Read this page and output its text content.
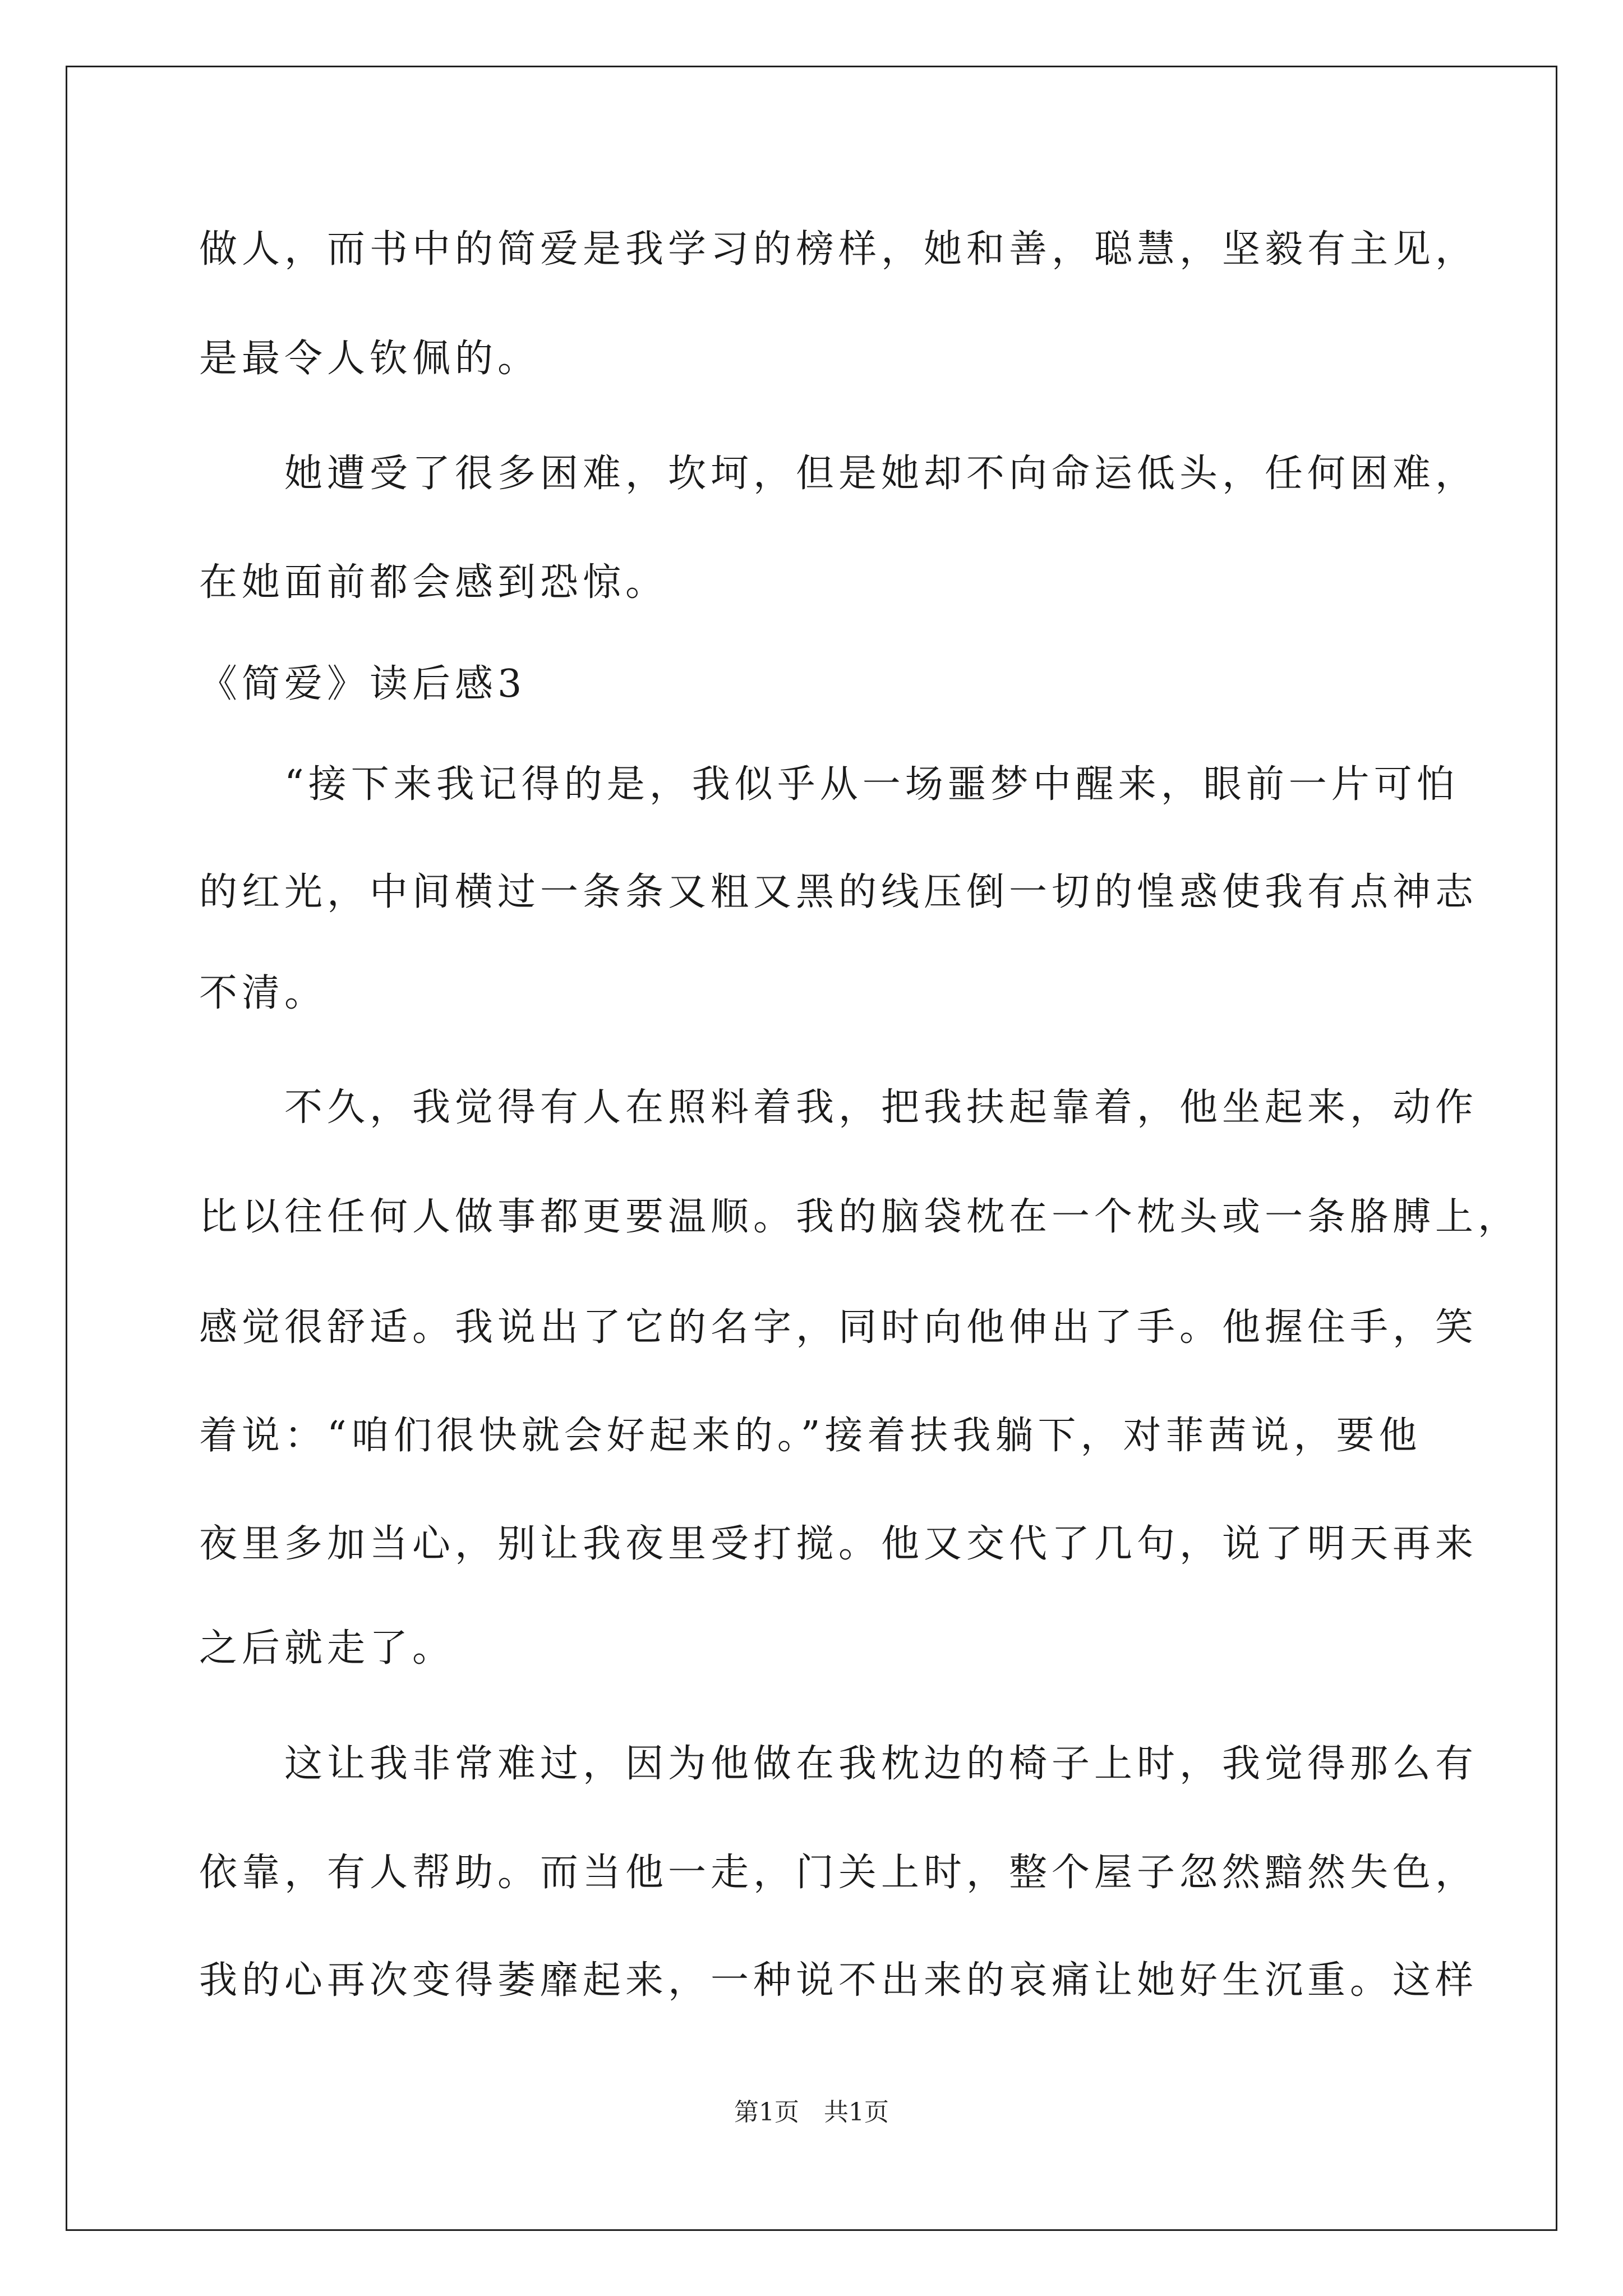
做人，而书中的简爱是我学习的榜样，她和善，聪慧，坚毅有主见，
是最令人钦佩的。
　　她遭受了很多困难，坎坷，但是她却不向命运低头，任何困难，
在她面前都会感到恐惊。
《简爱》读后感3
　　“接下来我记得的是，我似乎从一场噩梦中醒来，眼前一片可怕
的红光，中间横过一条条又粗又黑的线压倒一切的惶惑使我有点神志
不清。
　　不久，我觉得有人在照料着我，把我扶起靠着，他坐起来，动作
比以往任何人做事都更要温顺。我的脑袋枕在一个枕头或一条胳膊上，
感觉很舒适。我说出了它的名字，同时向他伸出了手。他握住手，笑
着说：“咱们很快就会好起来的。”接着扶我躺下，对菲茜说，要他
夜里多加当心，别让我夜里受打搅。他又交代了几句，说了明天再来
之后就走了。
　　这让我非常难过，因为他做在我枕边的椅子上时，我觉得那么有
依靠，有人帮助。而当他一走，门关上时，整个屋子忽然黯然失色，
我的心再次变得萎靡起来，一种说不出来的哀痛让她好生沉重。这样
第1页　共1页
